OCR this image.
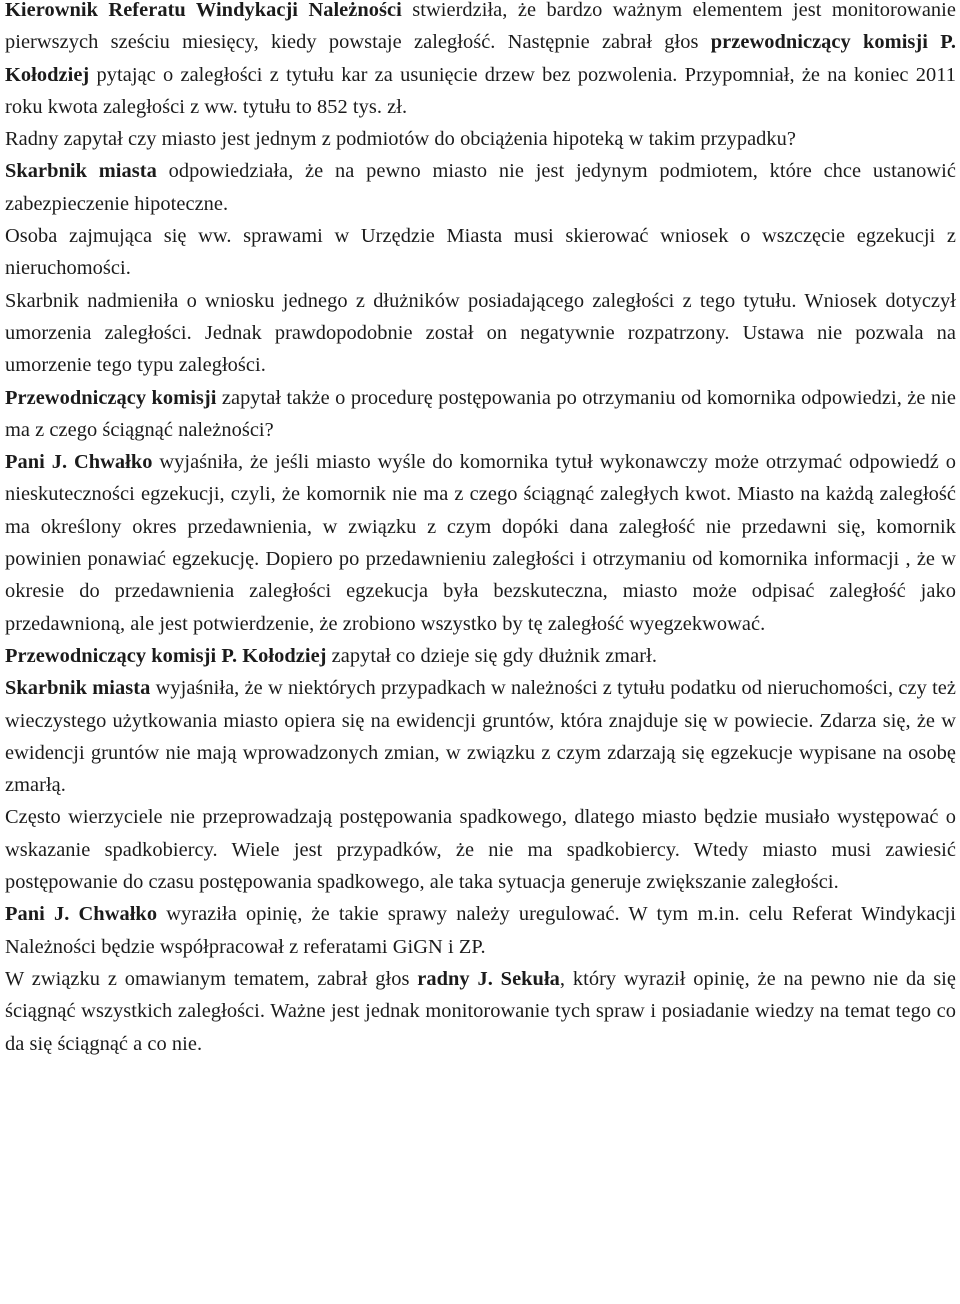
Kierownik Referatu Windykacji Należności stwierdziła, że bardzo ważnym elementem jest monitorowanie pierwszych sześciu miesięcy, kiedy powstaje zaległość. Następnie zabrał głos przewodniczący komisji P. Kołodziej pytając o zaległości z tytułu kar za usunięcie drzew bez pozwolenia. Przypomniał, że na koniec 2011 roku kwota zaległości z ww. tytułu to 852 tys. zł.

Radny zapytał czy miasto jest jednym z podmiotów do obciążenia hipoteką w takim przypadku?

Skarbnik miasta odpowiedziała, że na pewno miasto nie jest jedynym podmiotem, które chce ustanowić zabezpieczenie hipoteczne.

Osoba zajmująca się ww. sprawami w Urzędzie Miasta musi skierować wniosek o wszczęcie egzekucji z nieruchomości.

Skarbnik nadmieniła o wniosku jednego z dłużników posiadającego zaległości z tego tytułu. Wniosek dotyczył umorzenia zaległości. Jednak prawdopodobnie został on negatywnie rozpatrzony. Ustawa nie pozwala na umorzenie tego typu zaległości.

Przewodniczący komisji zapytał także o procedurę postępowania po otrzymaniu od komornika odpowiedzi, że nie ma z czego ściągnąć należności?

Pani J. Chwałko wyjaśniła, że jeśli miasto wyśle do komornika tytuł wykonawczy może otrzymać odpowiedź o nieskuteczności egzekucji, czyli, że komornik nie ma z czego ściągnąć zaległych kwot. Miasto na każdą zaległość ma określony okres przedawnienia, w związku z czym dopóki dana zaległość nie przedawni się, komornik powinien ponawiać egzekucję. Dopiero po przedawnieniu zaległości i otrzymaniu od komornika informacji , że w okresie do przedawnienia zaległości egzekucja była bezskuteczna, miasto może odpisać zaległość jako przedawnioną, ale jest potwierdzenie, że zrobiono wszystko by tę zaległość wyegzekwować.

Przewodniczący komisji P. Kołodziej zapytał co dzieje się gdy dłużnik zmarł.

Skarbnik miasta wyjaśniła, że w niektórych przypadkach w należności z tytułu podatku od nieruchomości, czy też wieczystego użytkowania miasto opiera się na ewidencji gruntów, która znajduje się w powiecie. Zdarza się, że w ewidencji gruntów nie mają wprowadzonych zmian, w związku z czym zdarzają się egzekucje wypisane na osobę zmarłą.

Często wierzyciele nie przeprowadzają postępowania spadkowego, dlatego miasto będzie musiało występować o wskazanie spadkobiercy. Wiele jest przypadków, że nie ma spadkobiercy. Wtedy miasto musi zawiesić postępowanie do czasu postępowania spadkowego, ale taka sytuacja generuje zwiększanie zaległości.

Pani J. Chwałko wyraziła opinię, że takie sprawy należy uregulować. W tym m.in. celu Referat Windykacji Należności będzie współpracował z referatami GiGN i ZP.

W związku z omawianym tematem, zabrał głos radny J. Sekuła, który wyraził opinię, że na pewno nie da się ściągnąć wszystkich zaległości. Ważne jest jednak monitorowanie tych spraw i posiadanie wiedzy na temat tego co da się ściągnąć a co nie.
